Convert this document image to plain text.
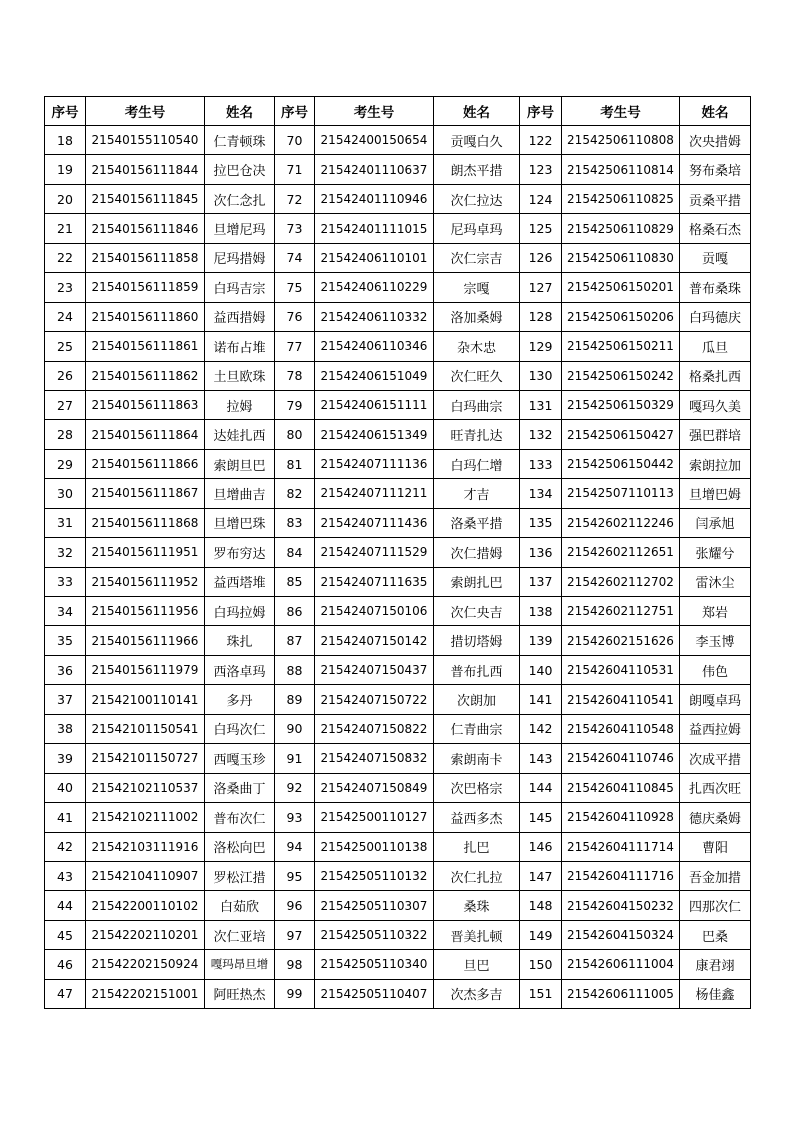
序号	考生号	姓名	序号	考生号	姓名	序号	考生号	姓名
18	21540155110540	仁青顿珠	70	21542400150654	贡嘎白久	122	21542506110808	次央措姆
19	21540156111844	拉巴仓决	71	21542401110637	朗杰平措	123	21542506110814	努布桑培
20	21540156111845	次仁念扎	72	21542401110946	次仁拉达	124	21542506110825	贡桑平措
21	21540156111846	旦增尼玛	73	21542401111015	尼玛卓玛	125	21542506110829	格桑石杰
22	21540156111858	尼玛措姆	74	21542406110101	次仁宗吉	126	21542506110830	贡嘎
23	21540156111859	白玛吉宗	75	21542406110229	宗嘎	127	21542506150201	普布桑珠
24	21540156111860	益西措姆	76	21542406110332	洛加桑姆	128	21542506150206	白玛德庆
25	21540156111861	诺布占堆	77	21542406110346	杂木忠	129	21542506150211	瓜旦
26	21540156111862	土旦欧珠	78	21542406151049	次仁旺久	130	21542506150242	格桑扎西
27	21540156111863	拉姆	79	21542406151111	白玛曲宗	131	21542506150329	嘎玛久美
28	21540156111864	达娃扎西	80	21542406151349	旺青扎达	132	21542506150427	强巴群培
29	21540156111866	索朗旦巴	81	21542407111136	白玛仁增	133	21542506150442	索朗拉加
30	21540156111867	旦增曲吉	82	21542407111211	才吉	134	21542507110113	旦增巴姆
31	21540156111868	旦增巴珠	83	21542407111436	洛桑平措	135	21542602112246	闫承旭
32	21540156111951	罗布穷达	84	21542407111529	次仁措姆	136	21542602112651	张耀兮
33	21540156111952	益西塔堆	85	21542407111635	索朗扎巴	137	21542602112702	雷沐尘
34	21540156111956	白玛拉姆	86	21542407150106	次仁央吉	138	21542602112751	郑岩
35	21540156111966	珠扎	87	21542407150142	措切塔姆	139	21542602151626	李玉博
36	21540156111979	西洛卓玛	88	21542407150437	普布扎西	140	21542604110531	伟色
37	21542100110141	多丹	89	21542407150722	次朗加	141	21542604110541	朗嘎卓玛
38	21542101150541	白玛次仁	90	21542407150822	仁青曲宗	142	21542604110548	益西拉姆
39	21542101150727	西嘎玉珍	91	21542407150832	索朗南卡	143	21542604110746	次成平措
40	21542102110537	洛桑曲丁	92	21542407150849	次巴格宗	144	21542604110845	扎西次旺
41	21542102111002	普布次仁	93	21542500110127	益西多杰	145	21542604110928	德庆桑姆
42	21542103111916	洛松向巴	94	21542500110138	扎巴	146	21542604111714	曹阳
43	21542104110907	罗松江措	95	21542505110132	次仁扎拉	147	21542604111716	吾金加措
44	21542200110102	白茹欣	96	21542505110307	桑珠	148	21542604150232	四那次仁
45	21542202110201	次仁亚培	97	21542505110322	晋美扎顿	149	21542604150324	巴桑
46	21542202150924	嘎玛昂旦增	98	21542505110340	旦巴	150	21542606111004	康君翊
47	21542202151001	阿旺热杰	99	21542505110407	次杰多吉	151	21542606111005	杨佳鑫
